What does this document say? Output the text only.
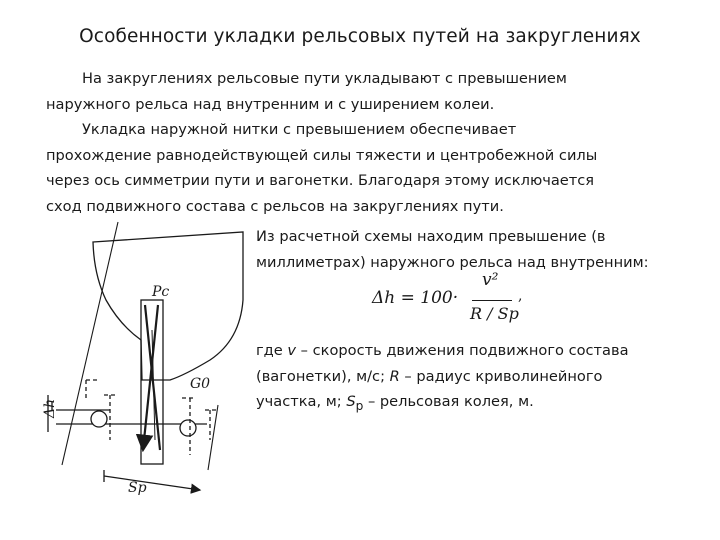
Особенности укладки рельсовых путей на закруглениях

На закруглениях рельсовые пути укладывают с превышением
наружного рельса над внутренним и с уширением колеи.

Укладка наружной нитки с превышением обеспечивает
прохождение равнодействующей силы тяжести и центробежной силы
через ось симметрии пути и вагонетки. Благодаря этому исключается
сход подвижного состава с рельсов на закруглениях пути.

Из расчетной схемы находим превышение (в
миллиметрах) наружного рельса над внутренним:

Δh = 100·
v²
R / Sp
,

где v – скорость движения подвижного состава
(вагонетки), м/с; R – радиус криволинейного
участка, м; $S_р$ – рельсовая колея, м.

Pc
G0
Δh
Sp
